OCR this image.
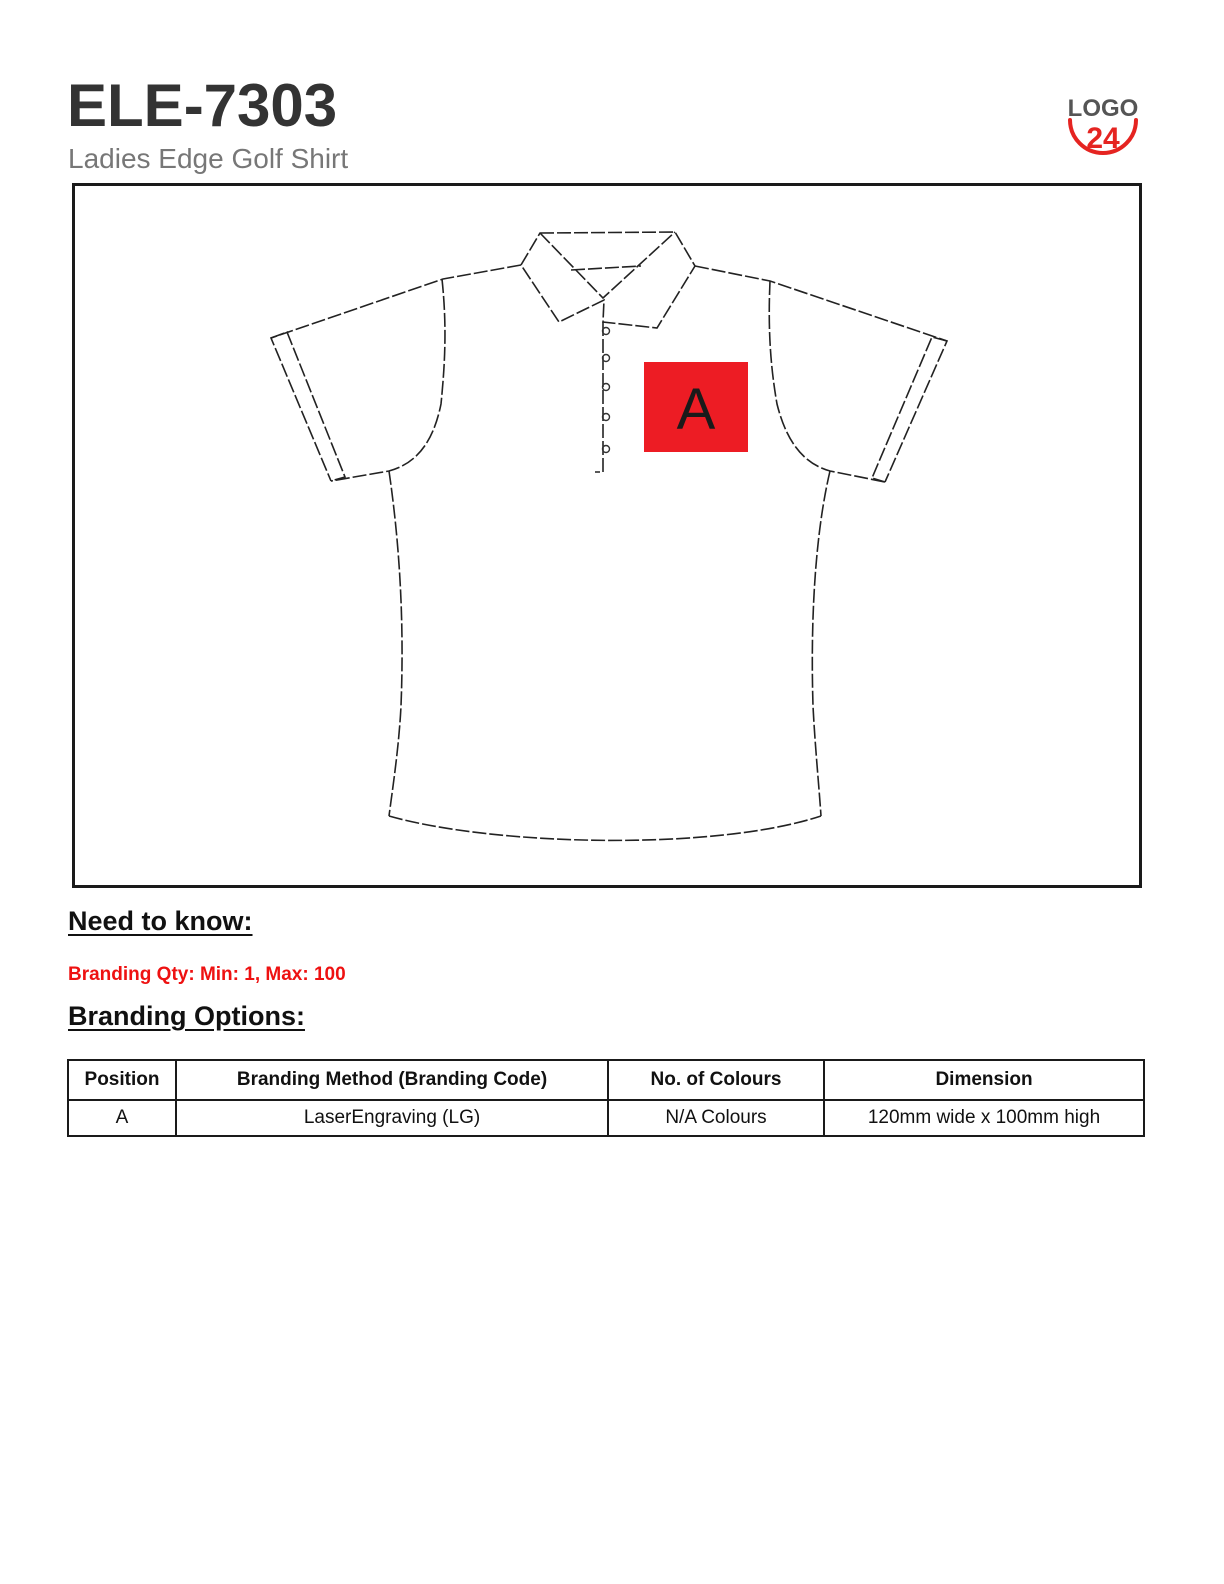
ELE-7303
Ladies Edge Golf Shirt
LOGO
24
A
Need to know:
Branding Qty: Min: 1, Max: 100
Branding Options:
Position	Branding Method (Branding Code)	No. of Colours	Dimension
A	LaserEngraving (LG)	N/A Colours	120mm wide x 100mm high
